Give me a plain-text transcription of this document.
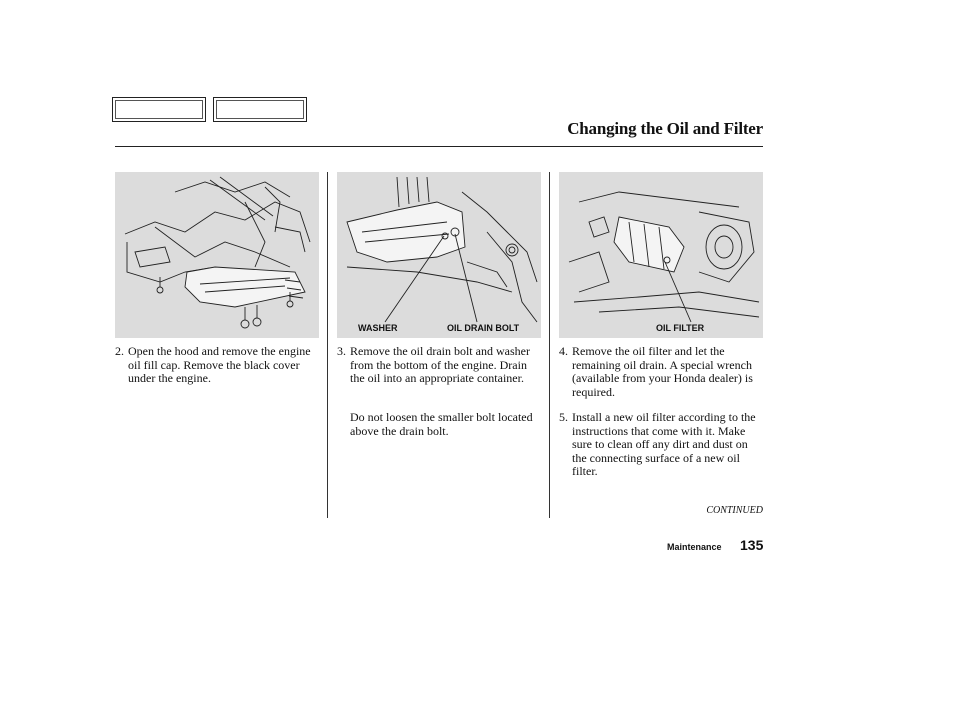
Changing the Oil and Filter
WASHER	OIL DRAIN BOLT	OIL FILTER
2. Open the hood and remove the engine oil fill cap. Remove the black cover under the engine.
3. Remove the oil drain bolt and washer from the bottom of the engine. Drain the oil into an appropriate container.
Do not loosen the smaller bolt located above the drain bolt.
4. Remove the oil filter and let the remaining oil drain. A special wrench (available from your Honda dealer) is required.
5. Install a new oil filter according to the instructions that come with it. Make sure to clean off any dirt and dust on the connecting surface of a new oil filter.
CONTINUED
Maintenance 135
